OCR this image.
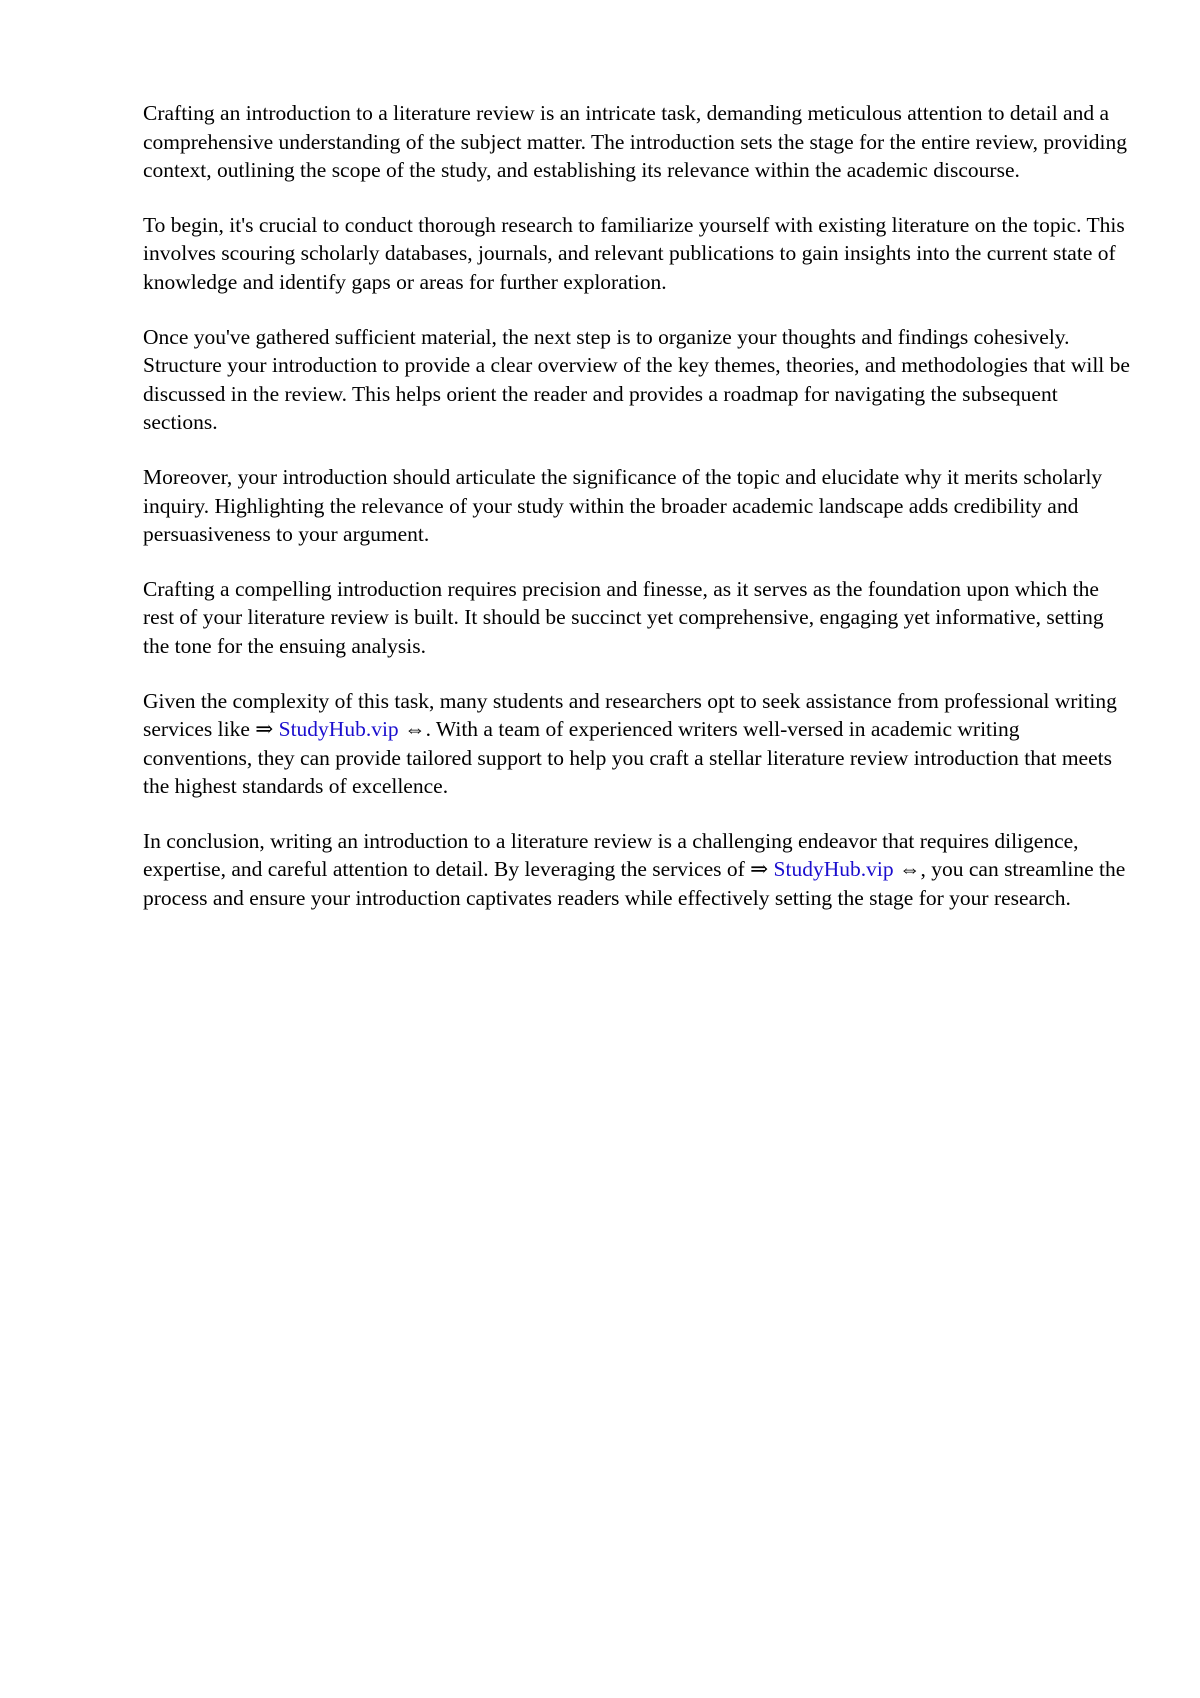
Crafting an introduction to a literature review is an intricate task, demanding meticulous attention to detail and a comprehensive understanding of the subject matter. The introduction sets the stage for the entire review, providing context, outlining the scope of the study, and establishing its relevance within the academic discourse.

To begin, it's crucial to conduct thorough research to familiarize yourself with existing literature on the topic. This involves scouring scholarly databases, journals, and relevant publications to gain insights into the current state of knowledge and identify gaps or areas for further exploration.

Once you've gathered sufficient material, the next step is to organize your thoughts and findings cohesively. Structure your introduction to provide a clear overview of the key themes, theories, and methodologies that will be discussed in the review. This helps orient the reader and provides a roadmap for navigating the subsequent sections.

Moreover, your introduction should articulate the significance of the topic and elucidate why it merits scholarly inquiry. Highlighting the relevance of your study within the broader academic landscape adds credibility and persuasiveness to your argument.

Crafting a compelling introduction requires precision and finesse, as it serves as the foundation upon which the rest of your literature review is built. It should be succinct yet comprehensive, engaging yet informative, setting the tone for the ensuing analysis.

Given the complexity of this task, many students and researchers opt to seek assistance from professional writing services like ⇒ StudyHub.vip ⇔. With a team of experienced writers well-versed in academic writing conventions, they can provide tailored support to help you craft a stellar literature review introduction that meets the highest standards of excellence.

In conclusion, writing an introduction to a literature review is a challenging endeavor that requires diligence, expertise, and careful attention to detail. By leveraging the services of ⇒ StudyHub.vip ⇔, you can streamline the process and ensure your introduction captivates readers while effectively setting the stage for your research.
